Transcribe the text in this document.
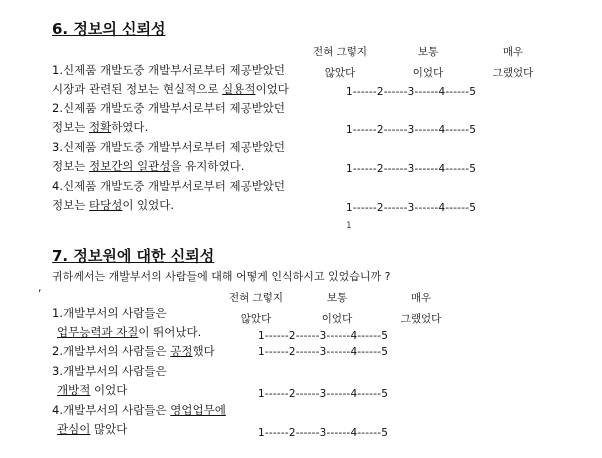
6. 정보의 신뢰성
전혀 그렇지
않았다
보통
이었다
매우
그랬었다
1.신제품 개발도중 개발부서로부터 제공받았던
시장과 관련된 정보는 현실적으로 실용적이었다	1------2------3------4------5
2.신제품 개발도중 개발부서로부터 제공받았던
정보는 정확하였다.	1------2------3------4------5
3.신제품 개발도중 개발부서로부터 제공받았던
정보는 정보간의 일관성을 유지하였다.	1------2------3------4------5
4.신제품 개발도중 개발부서로부터 제공받았던
정보는 타당성이 있었다.	1------2------3------4------5
1
7. 정보원에 대한 신뢰성
귀하께서는 개발부서의 사람들에 대해 어떻게 인식하시고 있었습니까 ?
,
전혀 그렇지
않았다
보통
이었다
매우
그랬었다
1.개발부서의 사람들은
업무능력과 자질이 뛰어났다.	1------2------3------4------5
2.개발부서의 사람들은 공정했다	1------2------3------4------5
3.개발부서의 사람들은
개방적 이었다	1------2------3------4------5
4.개발부서의 사람들은 영업업무에
관심이 많았다	1------2------3------4------5
